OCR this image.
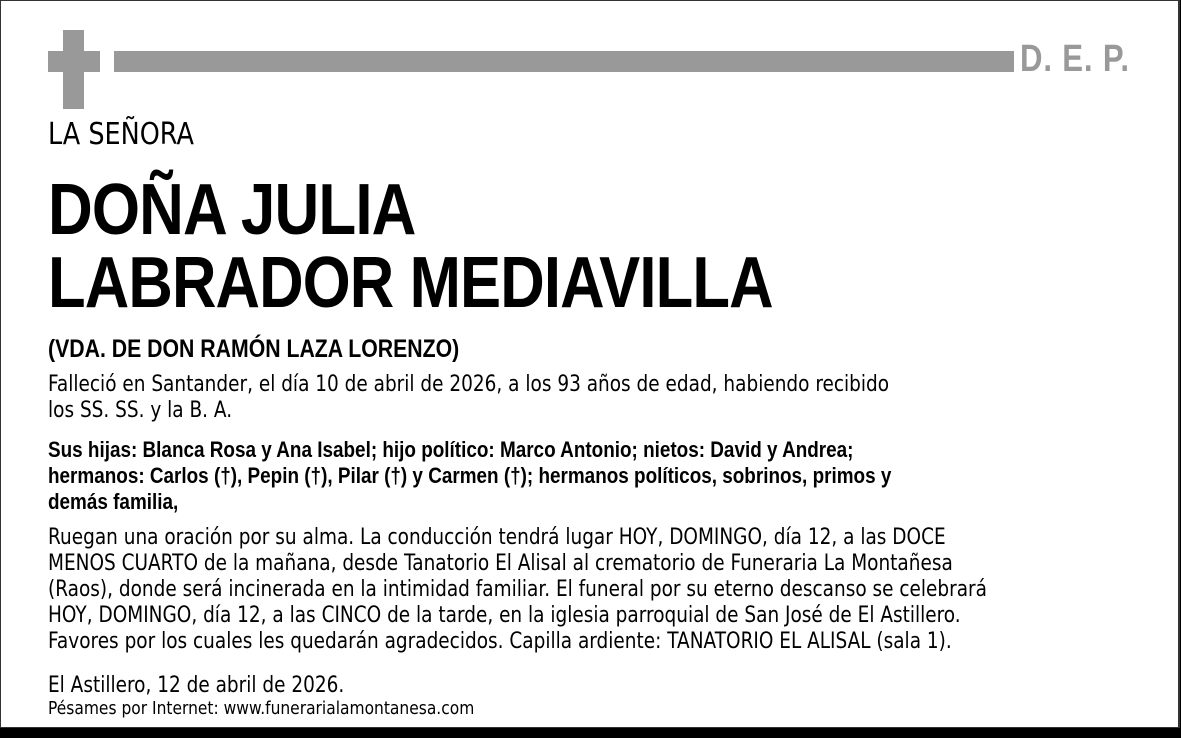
D. E. P.
LA SEÑORA
DOÑA JULIA
LABRADOR MEDIAVILLA
(VDA. DE DON RAMÓN LAZA LORENZO)
Falleció en Santander, el día 10 de abril de 2026, a los 93 años de edad, habiendo recibido
los SS. SS. y la B. A.
Sus hijas: Blanca Rosa y Ana Isabel; hijo político: Marco Antonio; nietos: David y Andrea;
hermanos: Carlos (†), Pepin (†), Pilar (†) y Carmen (†); hermanos políticos, sobrinos, primos y
demás familia,
Ruegan una oración por su alma. La conducción tendrá lugar HOY, DOMINGO, día 12, a las DOCE
MENOS CUARTO de la mañana, desde Tanatorio El Alisal al crematorio de Funeraria La Montañesa
(Raos), donde será incinerada en la intimidad familiar. El funeral por su eterno descanso se celebrará
HOY, DOMINGO, día 12, a las CINCO de la tarde, en la iglesia parroquial de San José de El Astillero.
Favores por los cuales les quedarán agradecidos. Capilla ardiente: TANATORIO EL ALISAL (sala 1).
El Astillero, 12 de abril de 2026.
Pésames por Internet: www.funerarialamontanesa.com
